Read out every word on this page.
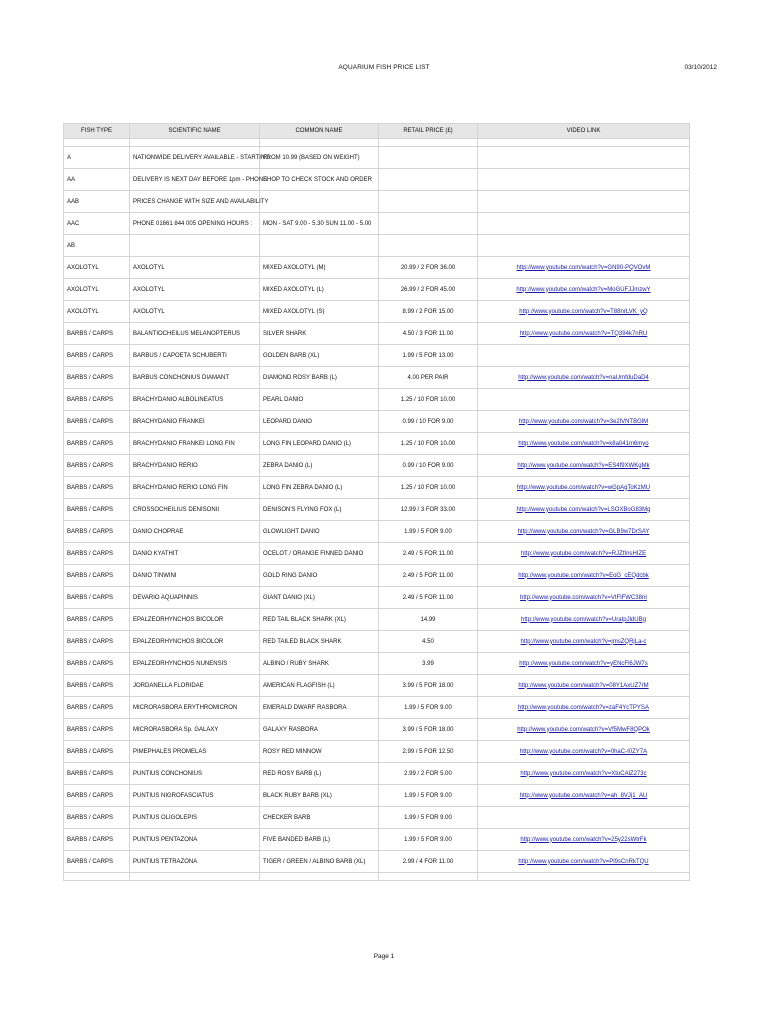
AQUARIUM FISH PRICE LIST	03/10/2012
FISH TYPE	SCIENTIFIC NAME	COMMON NAME	RETAIL PRICE (£)	VIDEO LINK

A	NATIONWIDE DELIVERY AVAILABLE - STARTING	FROM 10.99 (BASED ON WEIGHT)		
AA	DELIVERY IS NEXT DAY BEFORE 1pm - PHONE	SHOP TO CHECK STOCK AND ORDER		
AAB	PRICES CHANGE WITH SIZE AND AVAILABILITY			
AAC	PHONE 01661 844 005 OPENING HOURS :	MON - SAT 9.00 - 5.30 SUN 11.00 - 5.00		
AB				
AXOLOTYL	AXOLOTYL	MIXED AXOLOTYL (M)	20.99 / 2 FOR 36.00	http://www.youtube.com/watch?v=GN90-PQVOvM
AXOLOTYL	AXOLOTYL	MIXED AXOLOTYL (L)	26.99 / 2 FOR 45.00	http://www.youtube.com/watch?v=MoGUFJJmzwY
AXOLOTYL	AXOLOTYL	MIXED AXOLOTYL (S)	8.99 / 2 FOR 15.00	http://www.youtube.com/watch?v=T88nrLVK_yQ
BARBS / CARPS	BALANTIOCHEILUS MELANOPTERUS	SILVER SHARK	4.50 / 3 FOR 11.00	http://www.youtube.com/watch?v=TQ394k7nRU
BARBS / CARPS	BARBUS / CAPOETA SCHUBERTI	GOLDEN BARB (XL)	1.99 / 5 FOR 13.00	
BARBS / CARPS	BARBUS CONCHONIUS DIAMANT	DIAMOND ROSY BARB (L)	4.00 PER PAIR	http://www.youtube.com/watch?v=naUmfduDaD4
BARBS / CARPS	BRACHYDANIO ALBOLINEATUS	PEARL DANIO	1.25 / 10 FOR 10.00	
BARBS / CARPS	BRACHYDANIO FRANKEI	LEOPARD DANIO	0.99 / 10 FOR 9.00	http://www.youtube.com/watch?v=3e2lVNTBGlM
BARBS / CARPS	BRACHYDANIO FRANKEI LONG FIN	LONG FIN LEOPARD DANIO (L)	1.25 / 10 FOR 10.00	http://www.youtube.com/watch?v=k8a041m6myo
BARBS / CARPS	BRACHYDANIO RERIO	ZEBRA DANIO (L)	0.99 / 10 FOR 9.00	http://www.youtube.com/watch?v=ES4f9XWKgMk
BARBS / CARPS	BRACHYDANIO RERIO LONG FIN	LONG FIN ZEBRA DANIO (L)	1.25 / 10 FOR 10.00	http://www.youtube.com/watch?v=wGpAgToKzMU
BARBS / CARPS	CROSSOCHEILIUS DENISONII	DENISON'S FLYING FOX (L)	12.99 / 3 FOR 33.00	http://www.youtube.com/watch?v=LSOXBoG83Mg
BARBS / CARPS	DANIO CHOPRAE	GLOWLIGHT DANIO	1.99 / 5 FOR 9.00	http://www.youtube.com/watch?v=GLB9w7DrSAY
BARBS / CARPS	DANIO KYATHIT	OCELOT / ORANGE FINNED DANIO	2.49 / 5 FOR 11.00	http://www.youtube.com/watch?v=RJZfInsHIZE
BARBS / CARPS	DANIO TINWINI	GOLD RING DANIO	2.49 / 5 FOR 11.00	http://www.youtube.com/watch?v=EoG_cEQdcbk
BARBS / CARPS	DEVARIO AQUAPINNIS	GIANT DANIO (XL)	2.49 / 5 FOR 11.00	http://www.youtube.com/watch?v=VtFlFWC38nI
BARBS / CARPS	EPALZEORHYNCHOS BICOLOR	RED TAIL BLACK SHARK (XL)	14.99	http://www.youtube.com/watch?v=UraIpJldUBg
BARBS / CARPS	EPALZEORHYNCHOS BICOLOR	RED TAILED BLACK SHARK	4.50	http://www.youtube.com/watch?v=jmsZQRjLa-c
BARBS / CARPS	EPALZEORHYNCHOS NUNENSIS	ALBINO / RUBY SHARK	3.99	http://www.youtube.com/watch?v=yENcFl6JW7s
BARBS / CARPS	JORDANELLA FLORIDAE	AMERICAN FLAGFISH (L)	3.99 / 5 FOR 18.00	http://www.youtube.com/watch?v=08Y1AxUZ7rM
BARBS / CARPS	MICRORASBORA ERYTHROMICRON	EMERALD DWARF RASBORA	1.99 / 5 FOR 9.00	http://www.youtube.com/watch?v=zaF4YcTPYSA
BARBS / CARPS	MICRORASBORA Sp. GALAXY	GALAXY RASBORA	3.99 / 5 FOR 18.00	http://www.youtube.com/watch?v=Vf5MwF8QPOk
BARBS / CARPS	PIMEPHALES PROMELAS	ROSY RED MINNOW	2.99 / 5 FOR 12.50	http://www.youtube.com/watch?v=0haC-I0ZY7A
BARBS / CARPS	PUNTIUS CONCHONIUS	RED ROSY BARB (L)	2.99 / 2 FOR 5.00	http://www.youtube.com/watch?v=XtuCAlZ273c
BARBS / CARPS	PUNTIUS NIGROFASCIATUS	BLACK RUBY BARB (XL)	1.99 / 5 FOR 9.00	http://www.youtube.com/watch?v=ah_8VJj1_AU
BARBS / CARPS	PUNTIUS OLIGOLEPIS	CHECKER BARB	1.99 / 5 FOR 9.00	
BARBS / CARPS	PUNTIUS PENTAZONA	FIVE BANDED BARB (L)	1.99 / 5 FOR 9.00	http://www.youtube.com/watch?v=25y22sWtrFk
BARBS / CARPS	PUNTIUS TETRAZONA	TIGER / GREEN / ALBINO BARB (XL)	2.99 / 4 FOR 11.00	http://www.youtube.com/watch?v=Pl9sCnRkTQU

Page 1
